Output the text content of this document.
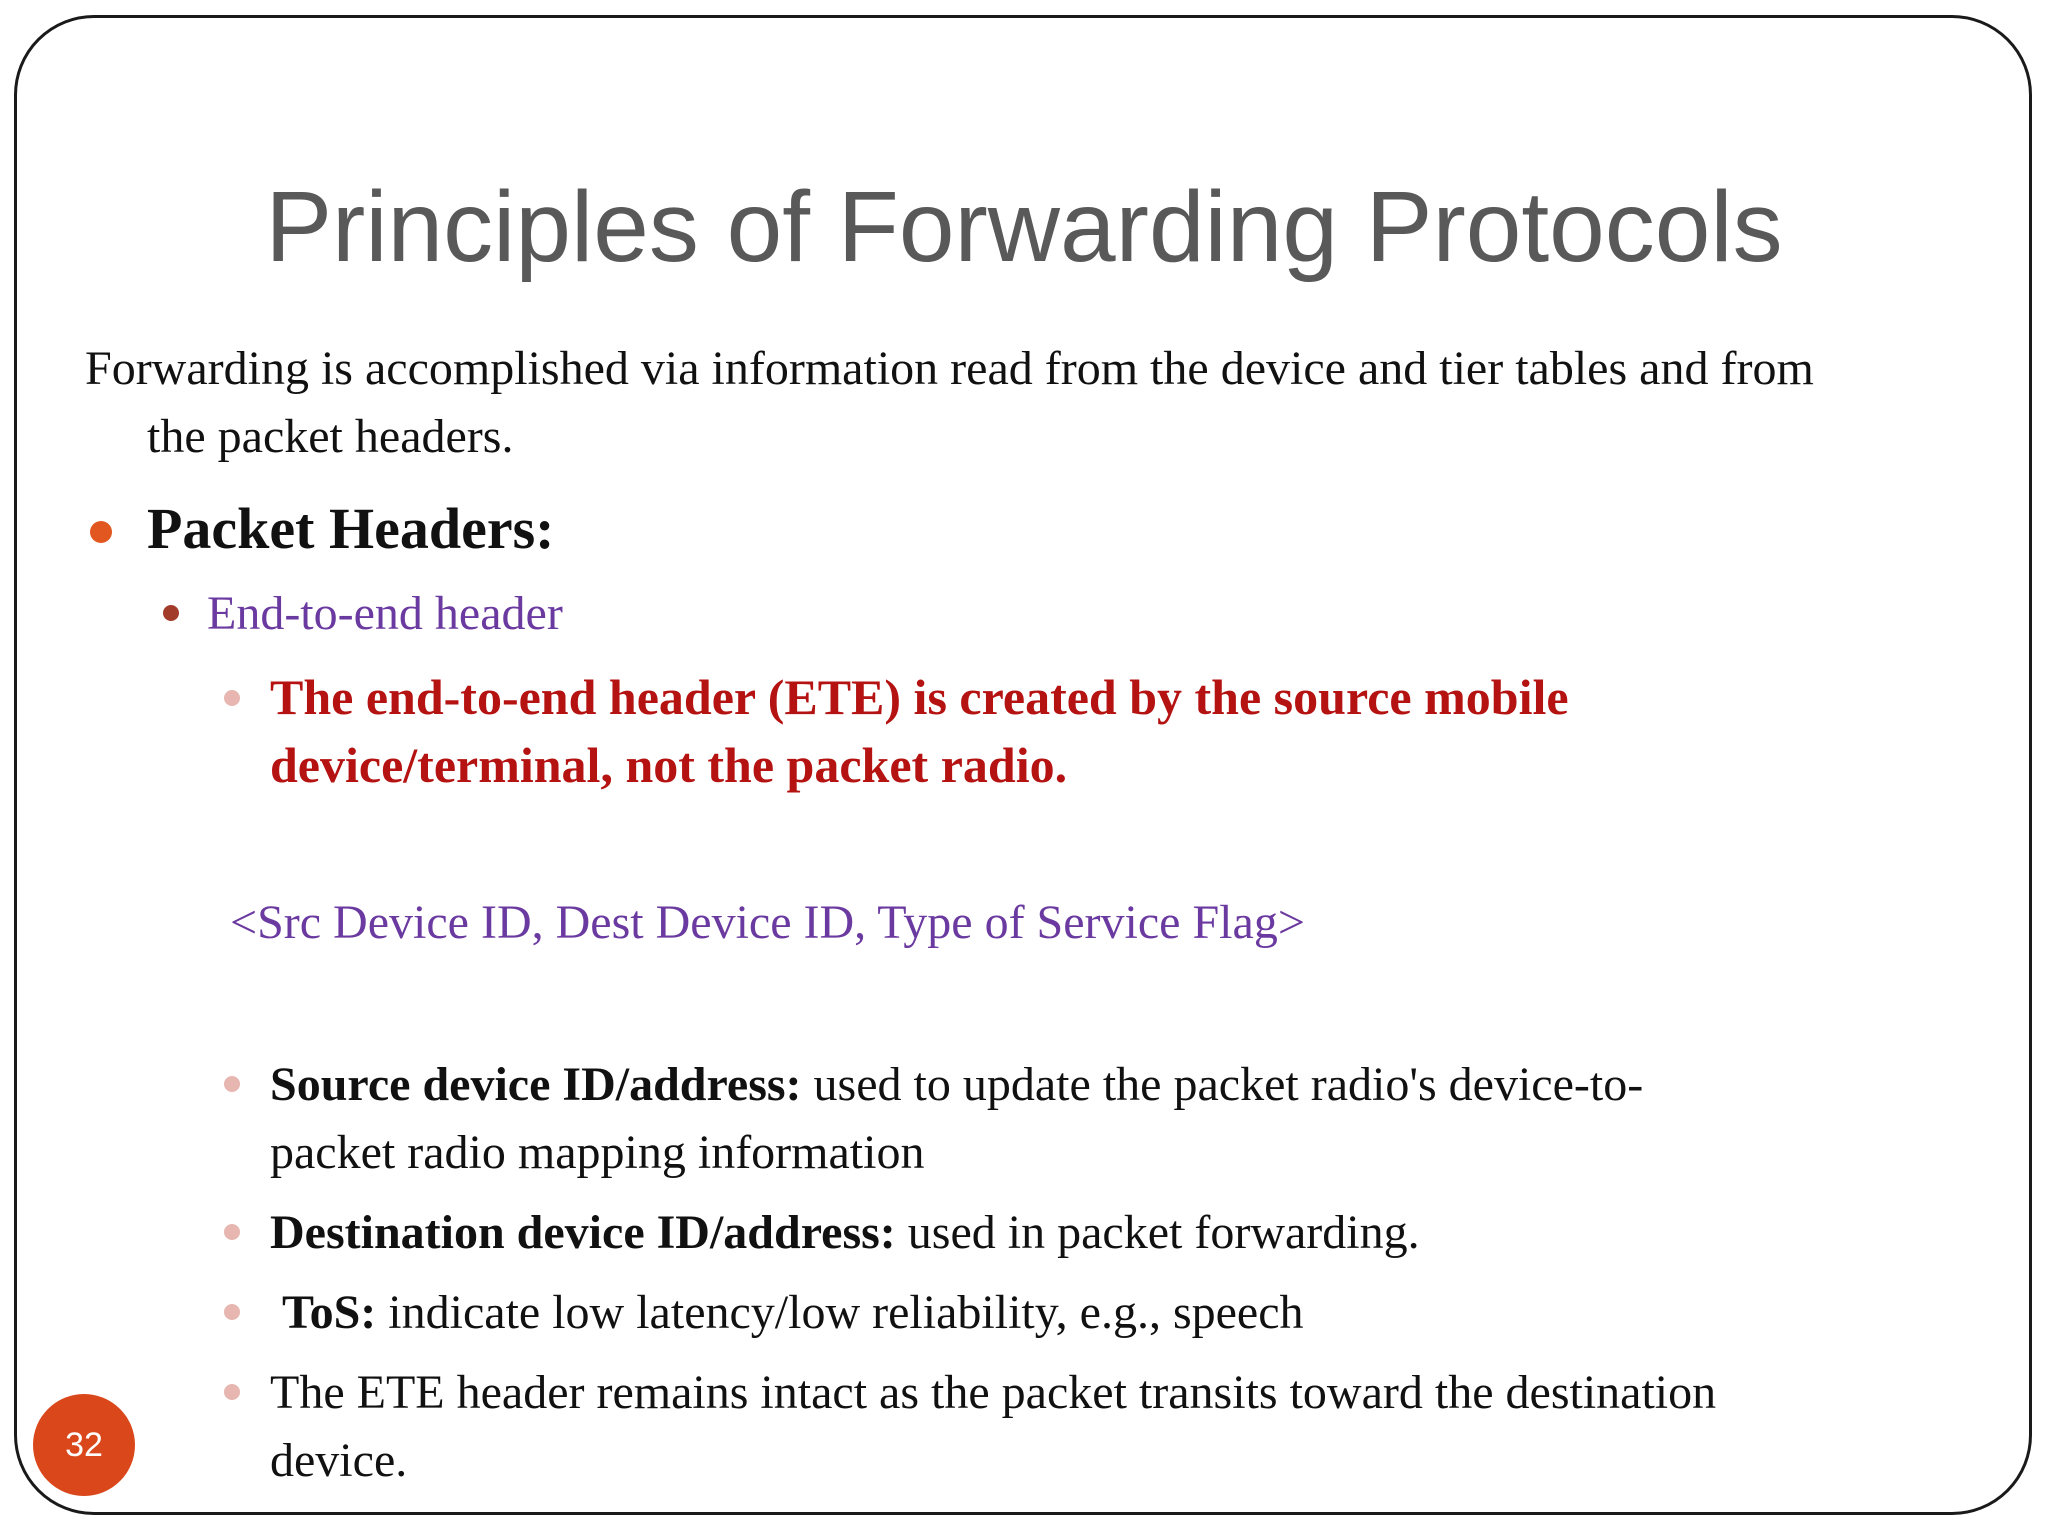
Principles of Forwarding Protocols
Forwarding is accomplished via information read from the device and tier tables and from
the packet headers.
Packet Headers:
End-to-end header
The end-to-end header (ETE) is created by the source mobile
device/terminal, not the packet radio.
<Src Device ID, Dest Device ID, Type of Service Flag>
Source device ID/address: used to update the packet radio's device-to-
packet radio mapping information
Destination device ID/address: used in packet forwarding.
ToS: indicate low latency/low reliability, e.g., speech
The ETE header remains intact as the packet transits toward the destination
device.
32
